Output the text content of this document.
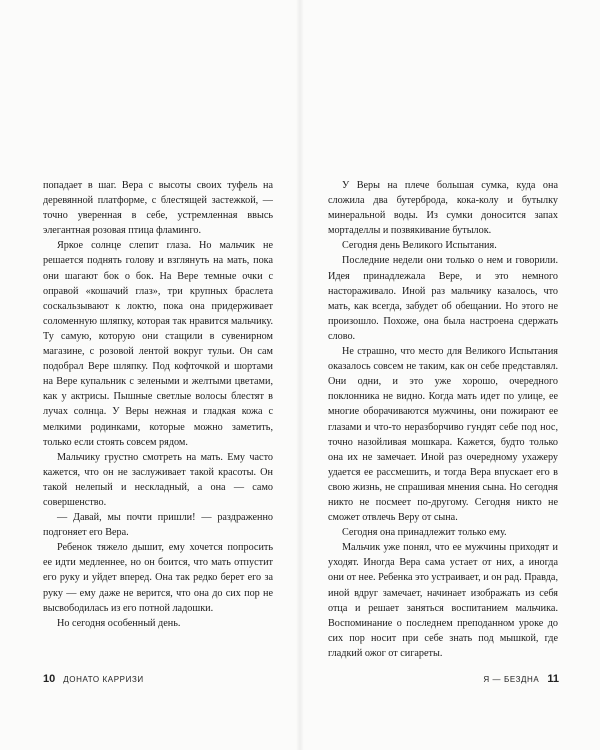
попадает в шаг. Вера с высоты своих туфель на деревянной платформе, с блестящей застежкой, — точно уверенная в себе, устремленная ввысь элегантная розовая птица фламинго.

Яркое солнце слепит глаза. Но мальчик не решается поднять голову и взглянуть на мать, пока они шагают бок о бок. На Вере темные очки с оправой «кошачий глаз», три крупных браслета соскальзывают к локтю, пока она придерживает соломенную шляпку, которая так нравится мальчику. Ту самую, которую они стащили в сувенирном магазине, с розовой лентой вокруг тульи. Он сам подобрал Вере шляпку. Под кофточкой и шортами на Вере купальник с зелеными и желтыми цветами, как у актрисы. Пышные светлые волосы блестят в лучах солнца. У Веры нежная и гладкая кожа с мелкими родинками, которые можно заметить, только если стоять совсем рядом.

Мальчику грустно смотреть на мать. Ему часто кажется, что он не заслуживает такой красоты. Он такой нелепый и нескладный, а она — само совершенство.

— Давай, мы почти пришли! — раздраженно подгоняет его Вера.

Ребенок тяжело дышит, ему хочется попросить ее идти медленнее, но он боится, что мать отпустит его руку и уйдет вперед. Она так редко берет его за руку — ему даже не верится, что она до сих пор не высвободилась из его потной ладошки.

Но сегодня особенный день.

У Веры на плече большая сумка, куда она сложила два бутерброда, кока-колу и бутылку минеральной воды. Из сумки доносится запах мортаделлы и позвякивание бутылок.

Сегодня день Великого Испытания.

Последние недели они только о нем и говорили. Идея принадлежала Вере, и это немного настораживало. Иной раз мальчику казалось, что мать, как всегда, забудет об обещании. Но этого не произошло. Похоже, она была настроена сдержать слово.

Не страшно, что место для Великого Испытания оказалось совсем не таким, как он себе представлял. Они одни, и это уже хорошо, очередного поклонника не видно. Когда мать идет по улице, ее многие оборачиваются мужчины, они пожирают ее глазами и что-то неразборчиво гундят себе под нос, точно назойливая мошкара. Кажется, будто только она их не замечает. Иной раз очередному ухажеру удается ее рассмешить, и тогда Вера впускает его в свою жизнь, не спрашивая мнения сына. Но сегодня никто не посмеет по-другому. Сегодня никто не сможет отвлечь Веру от сына.

Сегодня она принадлежит только ему.

Мальчик уже понял, что ее мужчины приходят и уходят. Иногда Вера сама устает от них, а иногда они от нее. Ребенка это устраивает, и он рад. Правда, иной вдруг замечает, начинает изображать из себя отца и решает заняться воспитанием мальчика. Воспоминание о последнем преподанном уроке до сих пор носит при себе знать под мышкой, где гладкий ожог от сигареты.

10 ДОНАТО КАРРИЗИ	Я — БЕЗДНА 11
